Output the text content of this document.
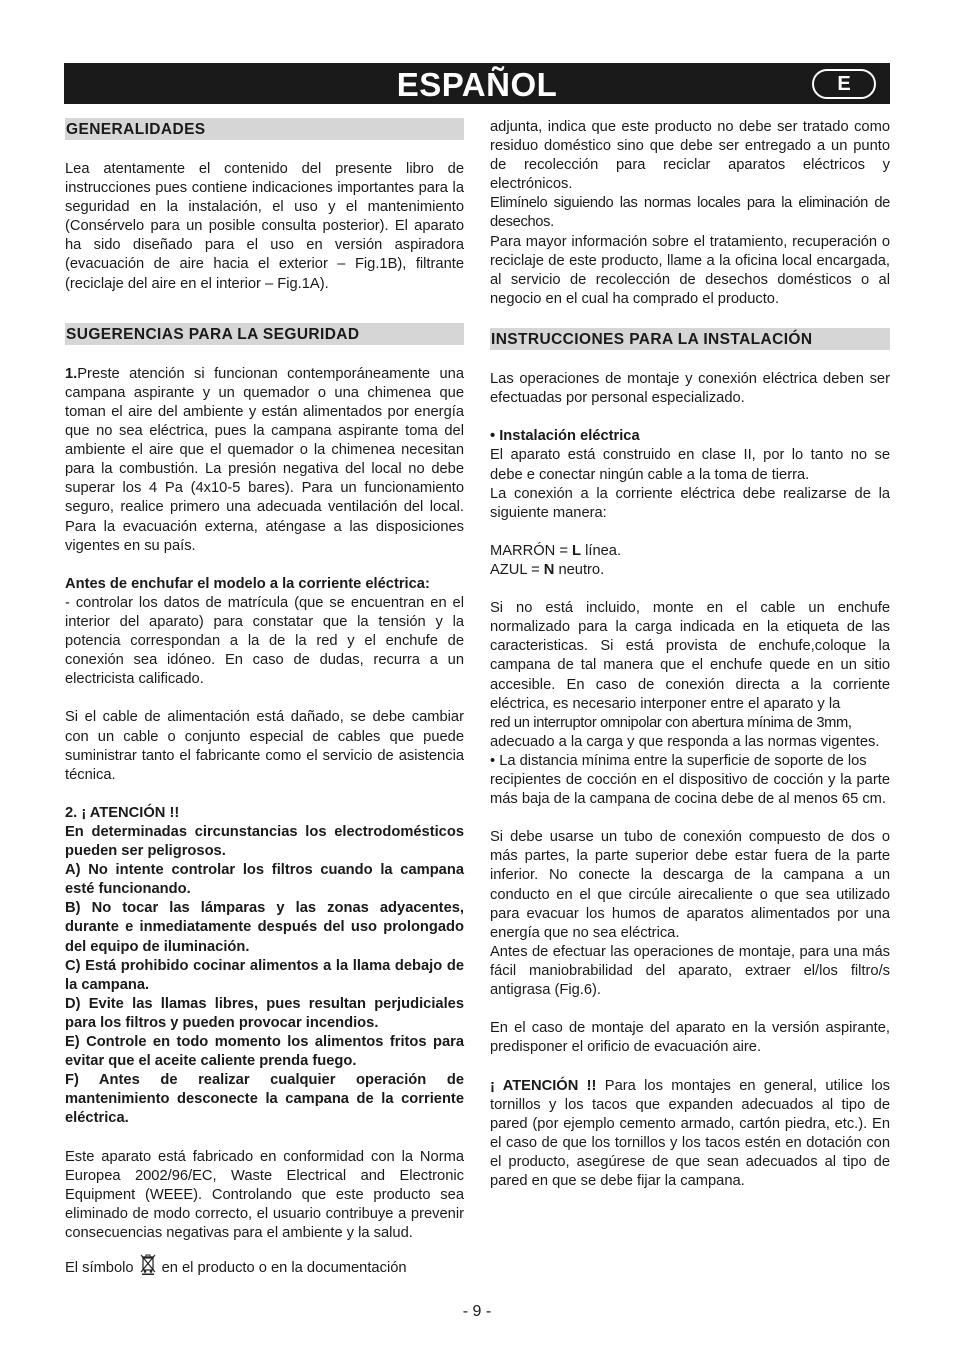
ESPAÑOL	E
GENERALIDADES

Lea atentamente el contenido del presente libro de instrucciones pues contiene indicaciones importantes para la seguridad en la instalación, el uso y el mantenimiento (Consérvelo para un posible consulta posterior). El aparato ha sido diseñado para el uso en versión aspiradora (evacuación de aire hacia el exterior – Fig.1B), filtrante (reciclaje del aire en el interior – Fig.1A).

SUGERENCIAS PARA LA SEGURIDAD

1.Preste atención si funcionan contemporáneamente una campana aspirante y un quemador o una chimenea que toman el aire del ambiente y están alimentados por energía que no sea eléctrica, pues la campana aspirante toma del ambiente el aire que el quemador o la chimenea necesitan para la combustión. La presión negativa del local no debe superar los 4 Pa (4x10-5 bares). Para un funcionamiento seguro, realice primero una adecuada ventilación del local. Para la evacuación externa, aténgase a las disposiciones vigentes en su país.

Antes de enchufar el modelo a la corriente eléctrica:

- controlar los datos de matrícula (que se encuentran en el interior del aparato) para constatar que la tensión y la potencia correspondan a la de la red y el enchufe de conexión sea idóneo. En caso de dudas, recurra a un electricista calificado.

Si el cable de alimentación está dañado, se debe cambiar con un cable o conjunto especial de cables que puede suministrar tanto el fabricante como el servicio de asistencia técnica.

2. ¡ ATENCIÓN !!

En determinadas circunstancias los electrodomésticos pueden ser peligrosos.

A) No intente controlar los filtros cuando la campana esté funcionando.

B) No tocar las lámparas y las zonas adyacentes, durante e inmediatamente después del uso prolongado del equipo de iluminación.

C) Está prohibido cocinar alimentos a la llama debajo de la campana.

D) Evite las llamas libres, pues resultan perjudiciales para los filtros y pueden provocar incendios.

E) Controle en todo momento los alimentos fritos para evitar que el aceite caliente prenda fuego.

F) Antes de realizar cualquier operación de mantenimiento desconecte la campana de la corriente eléctrica.

Este aparato está fabricado en conformidad con la Norma Europea 2002/96/EC, Waste Electrical and Electronic Equipment (WEEE). Controlando que este producto sea eliminado de modo correcto, el usuario contribuye a prevenir consecuencias negativas para el ambiente y la salud.

El símbolo en el producto o en la documentación

adjunta, indica que este producto no debe ser tratado como residuo doméstico sino que debe ser entregado a un punto de recolección para reciclar aparatos eléctricos y electrónicos.

Elimínelo siguiendo las normas locales para la eliminación de desechos.

Para mayor información sobre el tratamiento, recuperación o reciclaje de este producto, llame a la oficina local encargada, al servicio de recolección de desechos domésticos o al negocio en el cual ha comprado el producto.

INSTRUCCIONES PARA LA INSTALACIÓN

Las operaciones de montaje y conexión eléctrica deben ser efectuadas por personal especializado.

• Instalación eléctrica

El aparato está construido en clase II, por lo tanto no se debe e conectar ningún cable a la toma de tierra.

La conexión a la corriente eléctrica debe realizarse de la siguiente manera:

MARRÓN = L línea.

AZUL = N neutro.

Si no está incluido, monte en el cable un enchufe normalizado para la carga indicada en la etiqueta de las caracteristicas. Si está provista de enchufe,coloque la campana de tal manera que el enchufe quede en un sitio accesible. En caso de conexión directa a la corriente eléctrica, es necesario interponer entre el aparato y la

red un interruptor omnipolar con abertura mínima de 3mm,

adecuado a la carga y que responda a las normas vigentes.

• La distancia mínima entre la superficie de soporte de los

recipientes de cocción en el dispositivo de cocción y la parte más baja de la campana de cocina debe de al menos 65 cm.

Si debe usarse un tubo de conexión compuesto de dos o más partes, la parte superior debe estar fuera de la parte inferior. No conecte la descarga de la campana a un conducto en el que circúle airecaliente o que sea utilizado para evacuar los humos de aparatos alimentados por una energía que no sea eléctrica.

Antes de efectuar las operaciones de montaje, para una más fácil maniobrabilidad del aparato, extraer el/los filtro/s antigrasa (Fig.6).

En el caso de montaje del aparato en la versión aspirante, predisponer el orificio de evacuación aire.

¡ ATENCIÓN !! Para los montajes en general, utilice los tornillos y los tacos que expanden adecuados al tipo de pared (por ejemplo cemento armado, cartón piedra, etc.). En el caso de que los tornillos y los tacos estén en dotación con el producto, asegúrese de que sean adecuados al tipo de pared en que se debe fijar la campana.

- 9 -
